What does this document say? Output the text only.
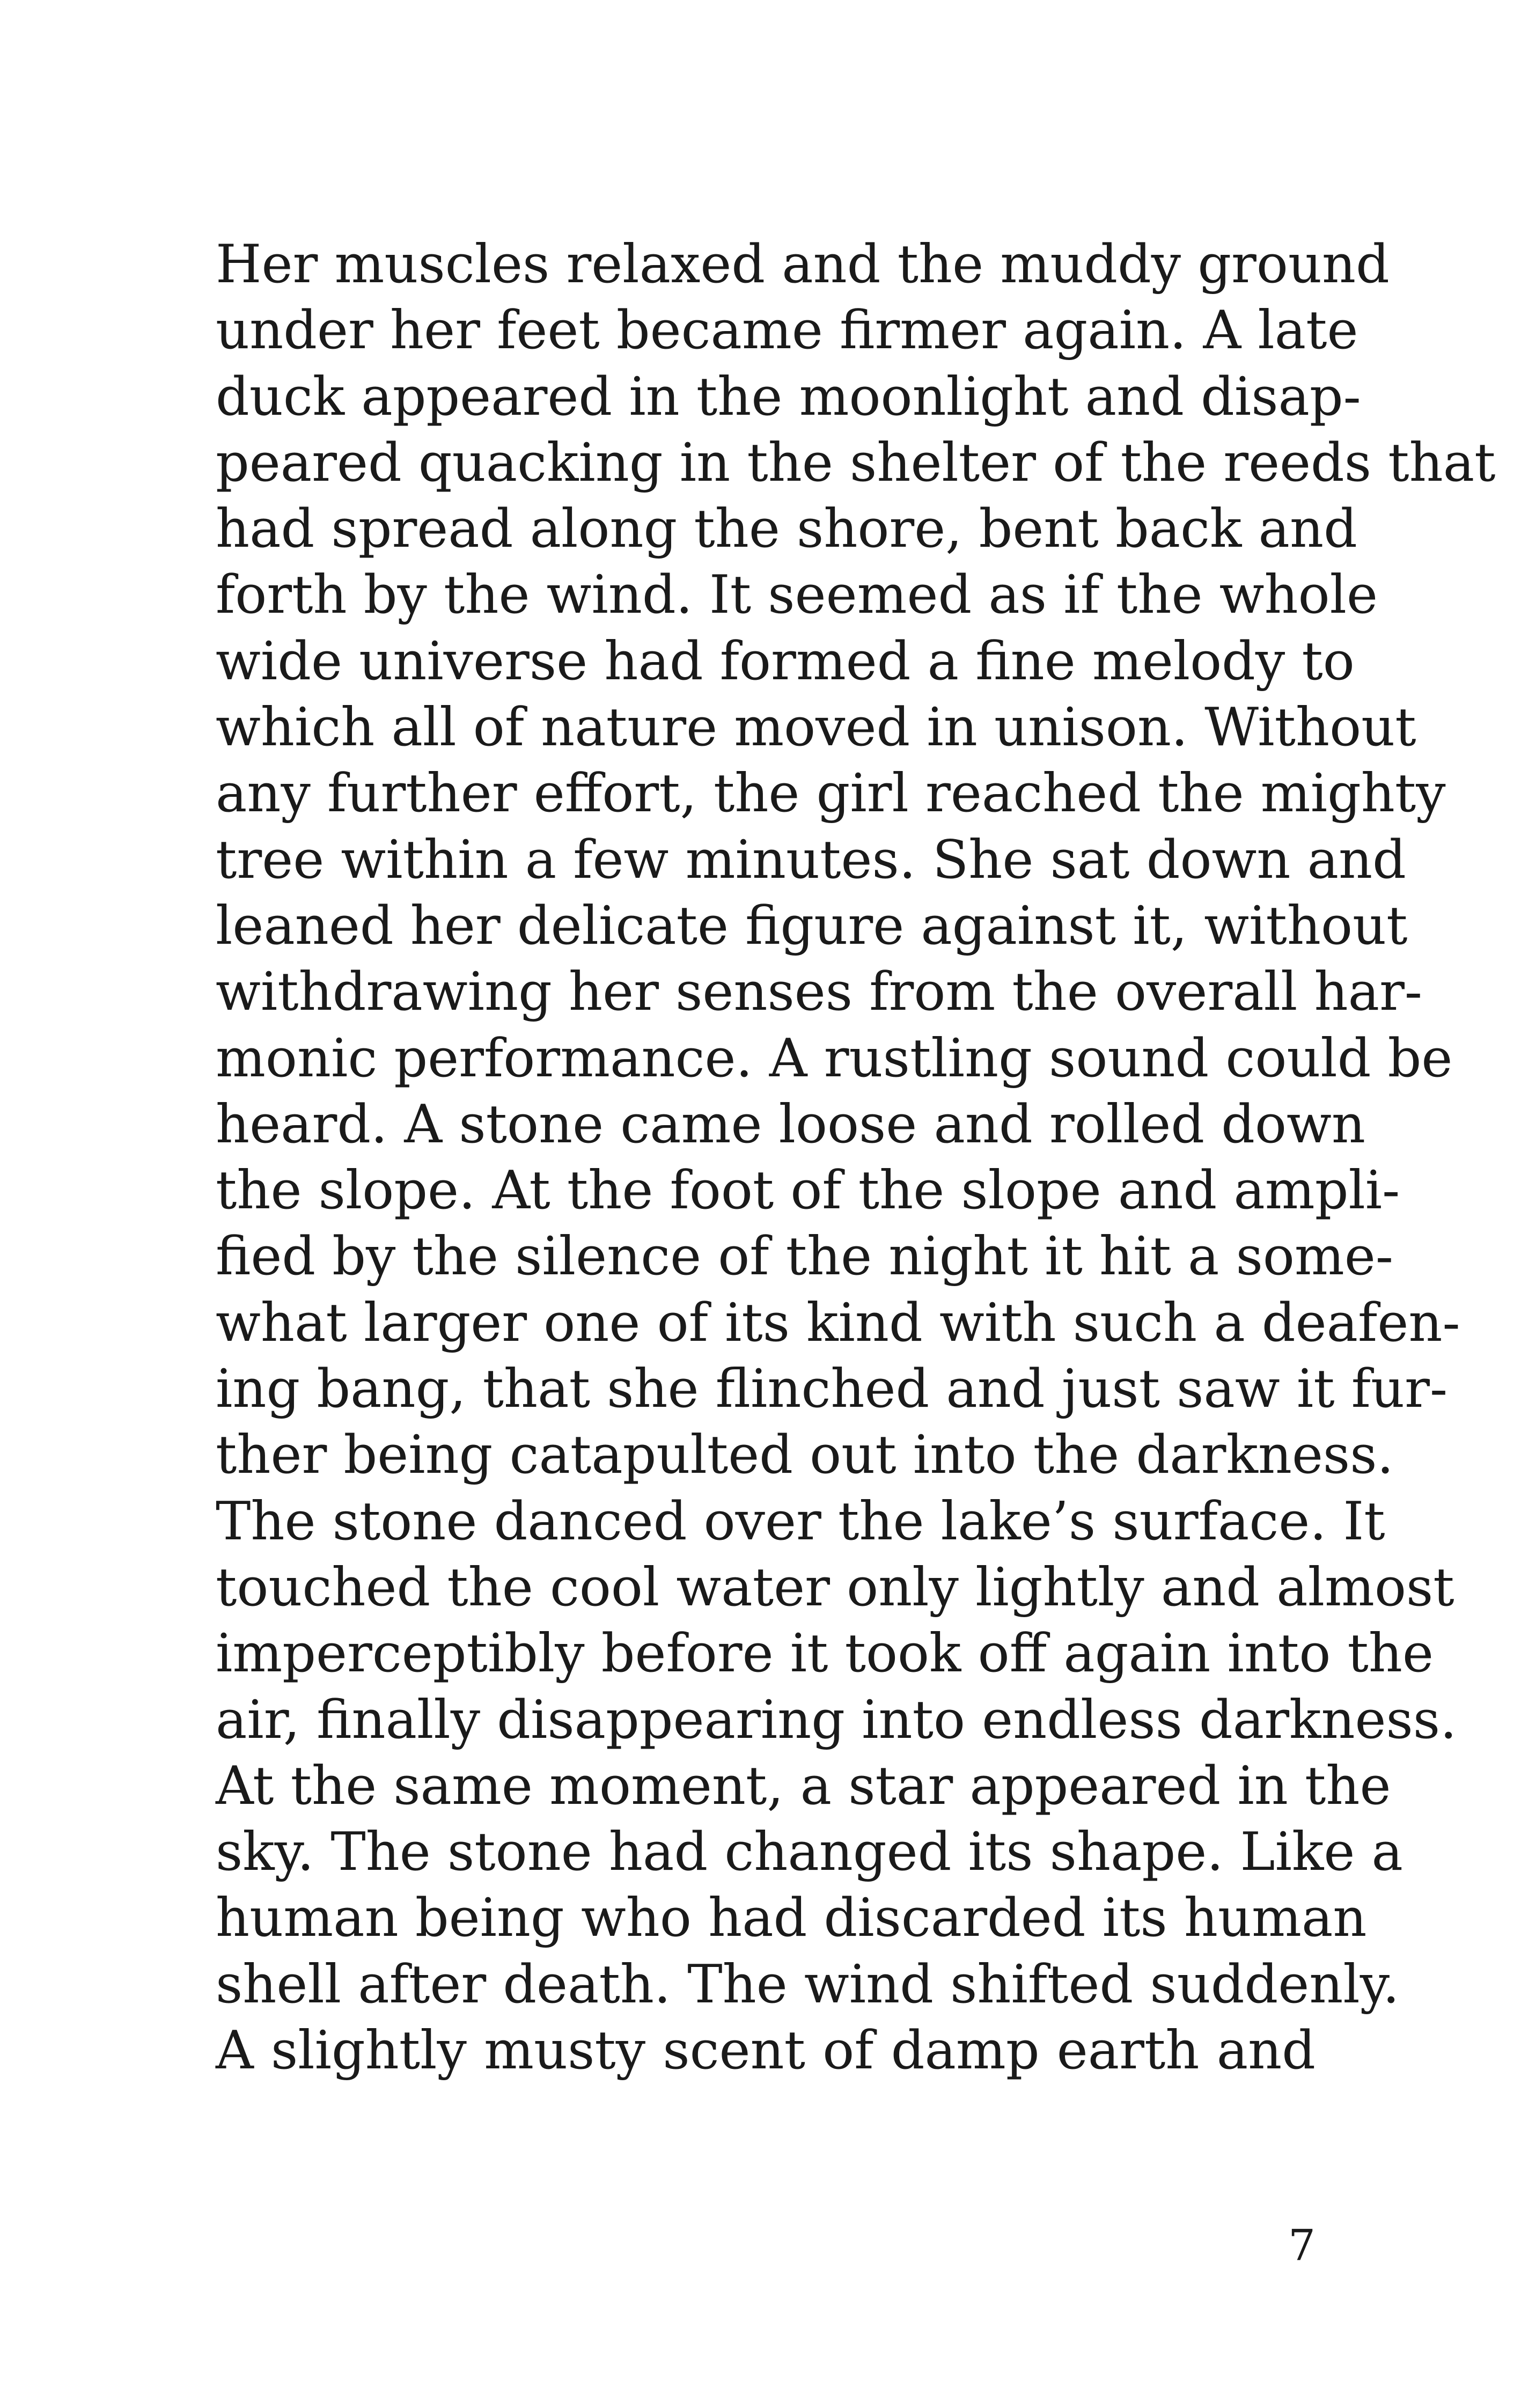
Her muscles relaxed and the muddy ground
under her feet became firmer again. A late
duck appeared in the moonlight and disap-
peared quacking in the shelter of the reeds that
had spread along the shore, bent back and
forth by the wind. It seemed as if the whole
wide universe had formed a fine melody to
which all of nature moved in unison. Without
any further effort, the girl reached the mighty
tree within a few minutes. She sat down and
leaned her delicate figure against it, without
withdrawing her senses from the overall har-
monic performance. A rustling sound could be
heard. A stone came loose and rolled down
the slope. At the foot of the slope and ampli-
fied by the silence of the night it hit a some-
what larger one of its kind with such a deafen-
ing bang, that she flinched and just saw it fur-
ther being catapulted out into the darkness.
The stone danced over the lake’s surface. It
touched the cool water only lightly and almost
imperceptibly before it took off again into the
air, finally disappearing into endless darkness.
At the same moment, a star appeared in the
sky. The stone had changed its shape. Like a
human being who had discarded its human
shell after death. The wind shifted suddenly.
A slightly musty scent of damp earth and
7
